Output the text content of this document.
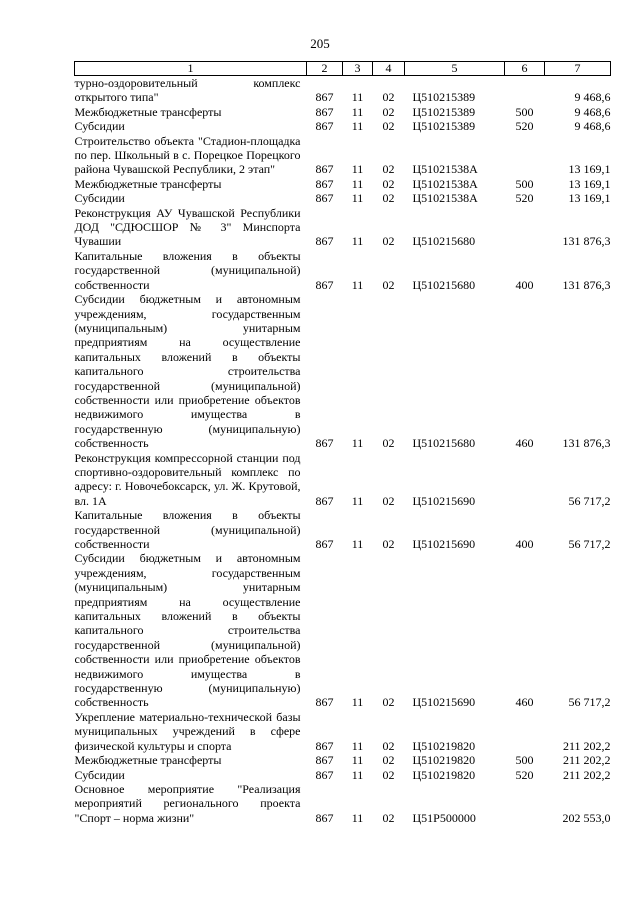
205
1	2	3	4	5	6	7
турно-оздоровительный комплекс открытого типа"	867	11	02	Ц510215389		9 468,6
Межбюджетные трансферты	867	11	02	Ц510215389	500	9 468,6
Субсидии	867	11	02	Ц510215389	520	9 468,6
Строительство объекта "Стадион-площадка по пер. Школьный в с. Порецкое Порецкого района Чувашской Республики, 2 этап"	867	11	02	Ц51021538А		13 169,1
Межбюджетные трансферты	867	11	02	Ц51021538А	500	13 169,1
Субсидии	867	11	02	Ц51021538А	520	13 169,1
Реконструкция АУ Чувашской Республики ДОД "СДЮСШОР № 3" Минспорта Чувашии	867	11	02	Ц510215680		131 876,3
Капитальные вложения в объекты государственной (муниципальной) собственности	867	11	02	Ц510215680	400	131 876,3
Субсидии бюджетным и автономным учреждениям, государственным (муниципальным) унитарным предприятиям на осуществление капитальных вложений в объекты капитального строительства государственной (муниципальной) собственности или приобретение объектов недвижимого имущества в государственную (муниципальную) собственность	867	11	02	Ц510215680	460	131 876,3
Реконструкция компрессорной станции под спортивно-оздоровительный комплекс по адресу: г. Новочебоксарск, ул. Ж. Крутовой, вл. 1А	867	11	02	Ц510215690		56 717,2
Капитальные вложения в объекты государственной (муниципальной) собственности	867	11	02	Ц510215690	400	56 717,2
Субсидии бюджетным и автономным учреждениям, государственным (муниципальным) унитарным предприятиям на осуществление капитальных вложений в объекты капитального строительства государственной (муниципальной) собственности или приобретение объектов недвижимого имущества в государственную (муниципальную) собственность	867	11	02	Ц510215690	460	56 717,2
Укрепление материально-технической базы муниципальных учреждений в сфере физической культуры и спорта	867	11	02	Ц510219820		211 202,2
Межбюджетные трансферты	867	11	02	Ц510219820	500	211 202,2
Субсидии	867	11	02	Ц510219820	520	211 202,2
Основное мероприятие "Реализация мероприятий регионального проекта "Спорт – норма жизни"	867	11	02	Ц51Р500000		202 553,0
